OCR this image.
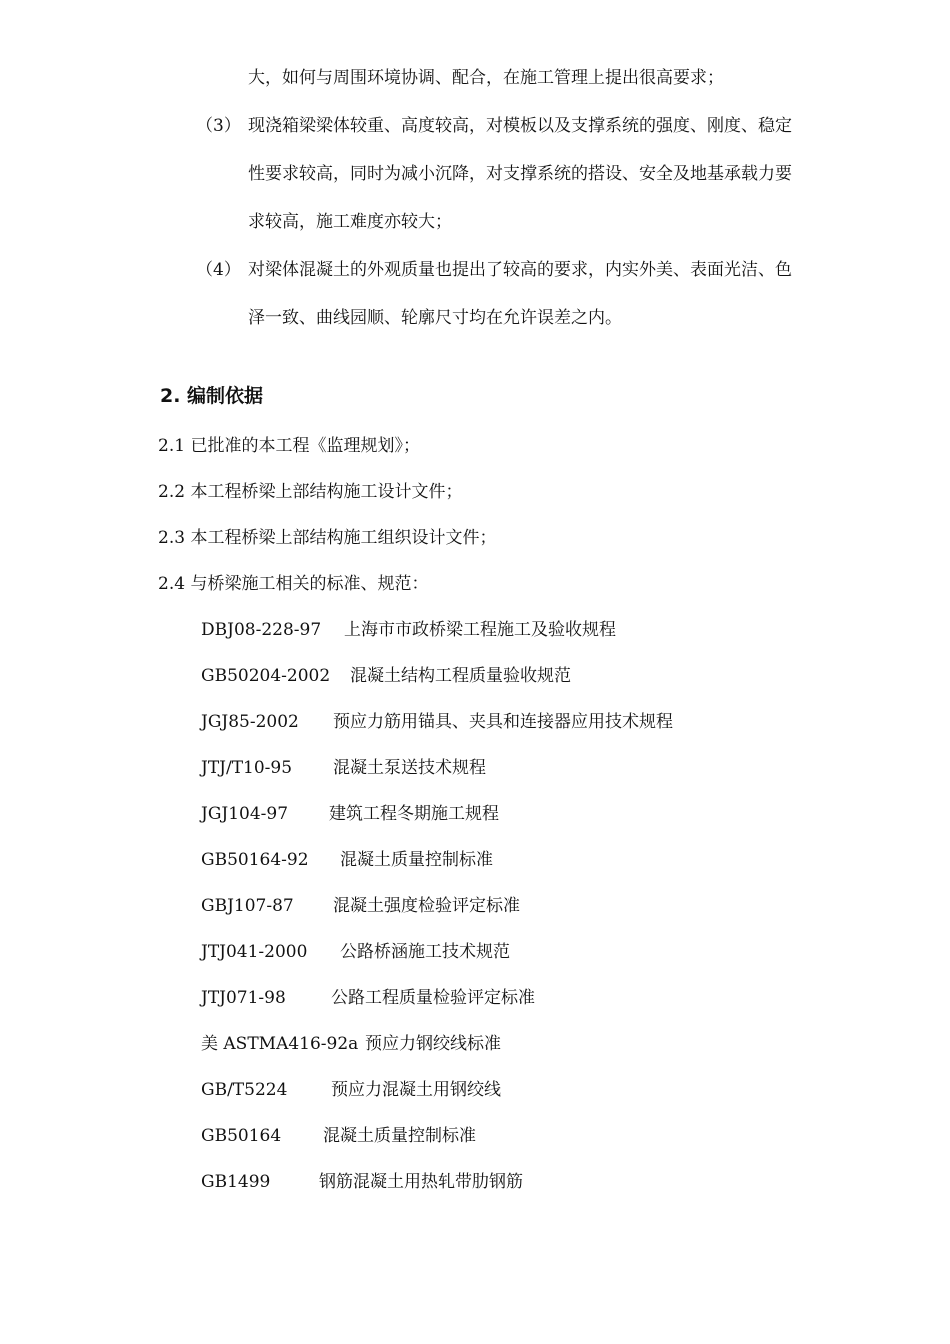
大，如何与周围环境协调、配合，在施工管理上提出很高要求；
（3） 现浇箱梁梁体较重、高度较高，对模板以及支撑系统的强度、刚度、稳定
性要求较高，同时为减小沉降，对支撑系统的搭设、安全及地基承载力要
求较高，施工难度亦较大；
（4） 对梁体混凝土的外观质量也提出了较高的要求，内实外美、表面光洁、色
泽一致、曲线园顺、轮廓尺寸均在允许误差之内。
2. 编制依据
2.1 已批准的本工程《监理规划》；
2.2 本工程桥梁上部结构施工设计文件；
2.3 本工程桥梁上部结构施工组织设计文件；
2.4 与桥梁施工相关的标准、规范：
DBJ08-228-97 上海市市政桥梁工程施工及验收规程
GB50204-2002 混凝土结构工程质量验收规范
JGJ85-2002 预应力筋用锚具、夹具和连接器应用技术规程
JTJ/T10-95 混凝土泵送技术规程
JGJ104-97 建筑工程冬期施工规程
GB50164-92 混凝土质量控制标准
GBJ107-87 混凝土强度检验评定标准
JTJ041-2000 公路桥涵施工技术规范
JTJ071-98	公路工程质量检验评定标准
美 ASTMA416-92a 预应力钢绞线标准
GB/T5224	预应力混凝土用钢绞线
GB50164 混凝土质量控制标准
GB1499	钢筋混凝土用热轧带肋钢筋
